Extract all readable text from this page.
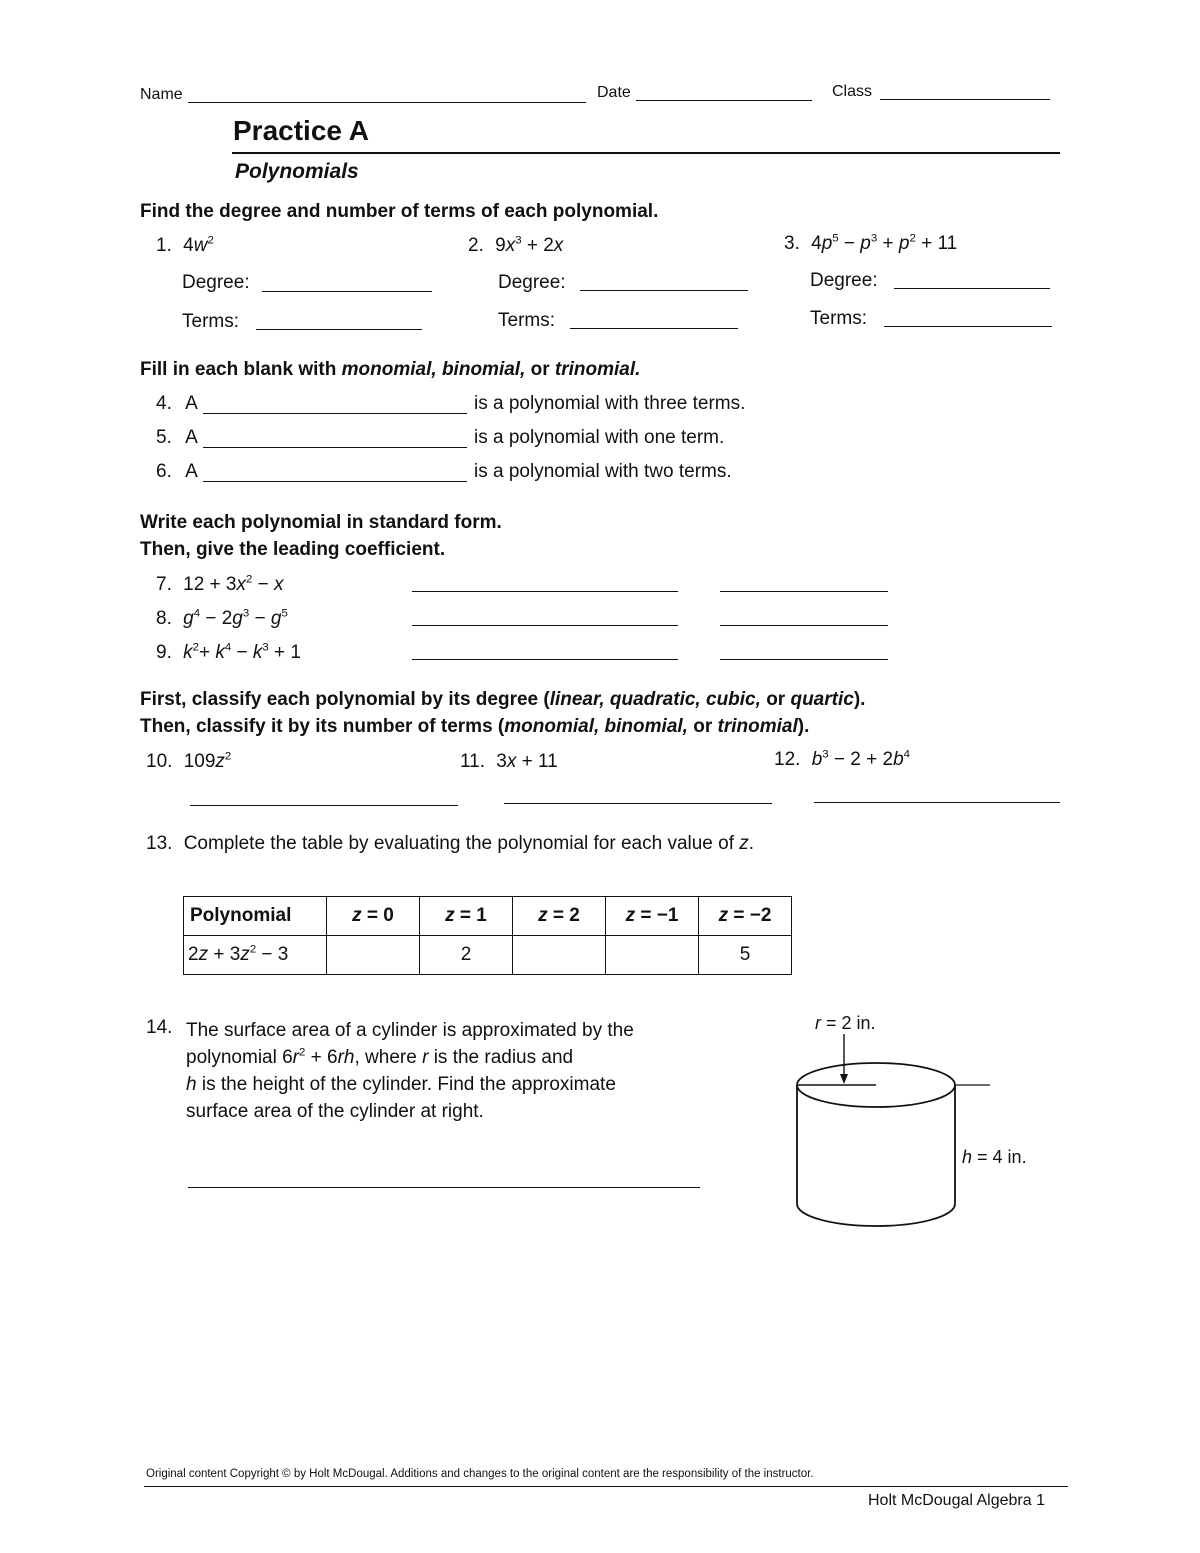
Name	Date	Class
Practice A
Polynomials
Find the degree and number of terms of each polynomial.
1. $4w^2$	2. $9x^3 + 2x$	3. $4p^5 - p^3 + p^2 + 11$
Degree:	Degree:	Degree:
Terms:	Terms:	Terms:
Fill in each blank with monomial, binomial, or trinomial.
4. A	is a polynomial with three terms.
5. A	is a polynomial with one term.
6. A	is a polynomial with two terms.
Write each polynomial in standard form.
Then, give the leading coefficient.
7. $12 + 3x^2 - x$
8. $g^4 - 2g^3 - g^5$
9. $k^2+ k^4 - k^3 + 1$
First, classify each polynomial by its degree (linear, quadratic, cubic, or quartic).
Then, classify it by its number of terms (monomial, binomial, or trinomial).
10. $109z^2$	11. 3x + 11	12. $b^3 - 2 + 2b^4$
13. Complete the table by evaluating the polynomial for each value of z.
Polynomial	z = 0	z = 1	z = 2	z = −1	z = −2
$2z + 3z^2 - 3$		2			5
14. The surface area of a cylinder is approximated by the
polynomial $6r^2 + 6rh$, where r is the radius and
h is the height of the cylinder. Find the approximate
surface area of the cylinder at right.
r = 2 in.
h = 4 in.
Original content Copyright © by Holt McDougal. Additions and changes to the original content are the responsibility of the instructor.
Holt McDougal Algebra 1
